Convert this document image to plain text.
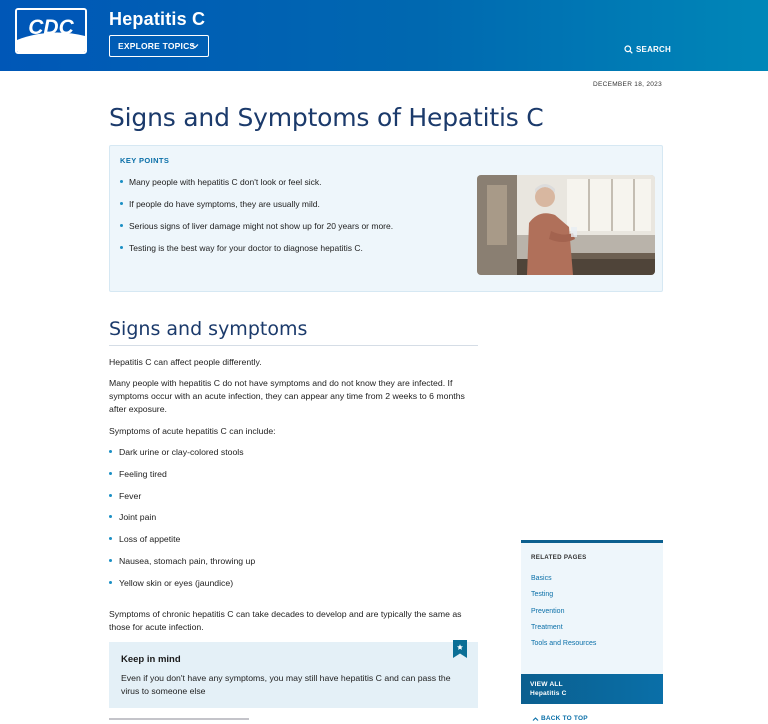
CDC Hepatitis C
EXPLORE TOPICS	SEARCH
DECEMBER 18, 2023
Signs and Symptoms of Hepatitis C
KEY POINTS
Many people with hepatitis C don't look or feel sick.
If people do have symptoms, they are usually mild.
Serious signs of liver damage might not show up for 20 years or more.
Testing is the best way for your doctor to diagnose hepatitis C.
Signs and symptoms

Hepatitis C can affect people differently.

Many people with hepatitis C do not have symptoms and do not know they are infected. If symptoms occur with an acute infection, they can appear any time from 2 weeks to 6 months after exposure.

Symptoms of acute hepatitis C can include:

Dark urine or clay-colored stools
Feeling tired
Fever
Joint pain
Loss of appetite
Nausea, stomach pain, throwing up
Yellow skin or eyes (jaundice)

Symptoms of chronic hepatitis C can take decades to develop and are typically the same as those for acute infection.

Keep in mind
Even if you don't have any symptoms, you may still have hepatitis C and can pass the virus to someone else
RELATED PAGES
Basics
Testing
Prevention
Treatment
Tools and Resources
VIEW ALL
Hepatitis C
BACK TO TOP
